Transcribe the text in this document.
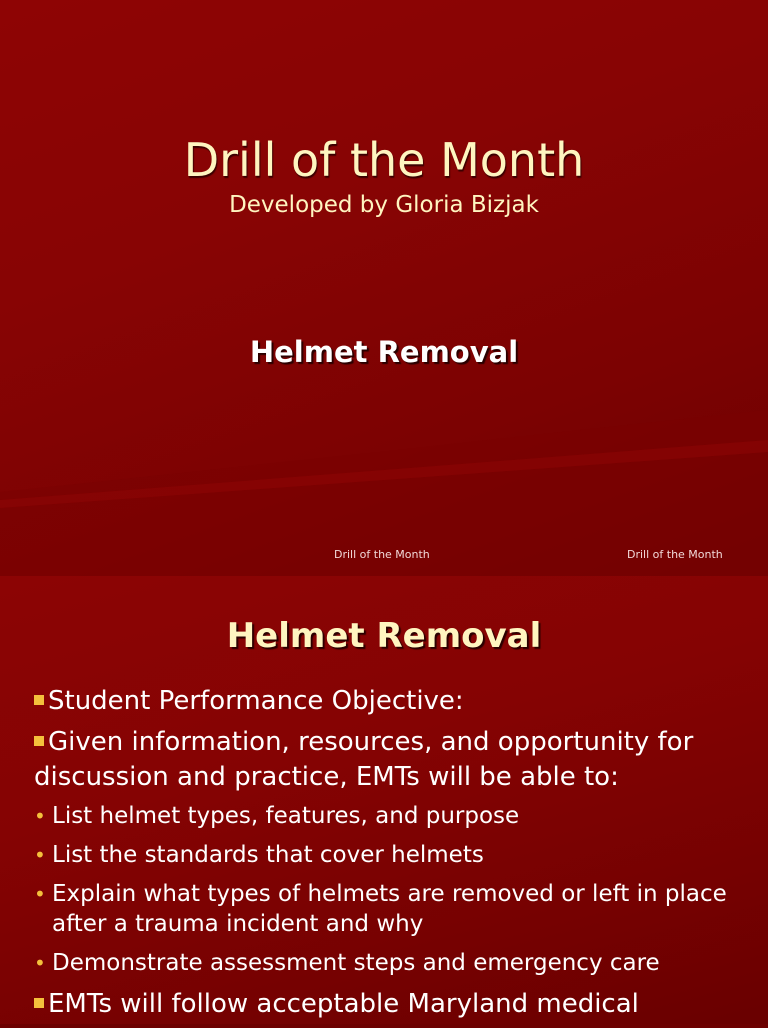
Drill of the Month
Developed by Gloria Bizjak
Helmet Removal
Drill of the Month	Drill of the Month
Helmet Removal
Student Performance Objective:
Given information, resources, and opportunity for discussion and practice, EMTs will be able to:
• List helmet types, features, and purpose
• List the standards that cover helmets
• Explain what types of helmets are removed or left in place after a trauma incident and why
• Demonstrate assessment steps and emergency care
EMTs will follow acceptable Maryland medical
